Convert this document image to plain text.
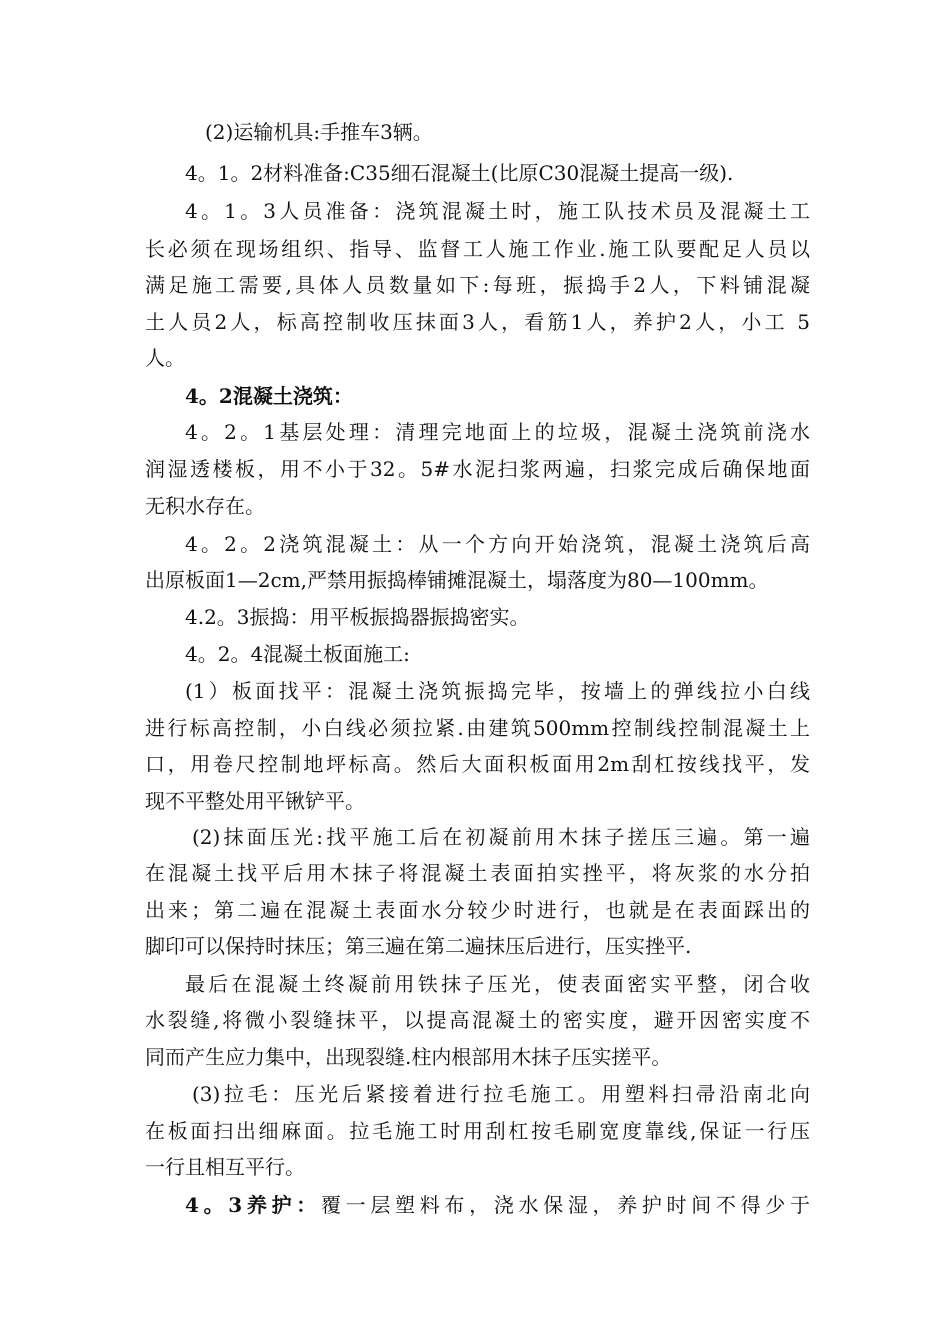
(2)运输机具:手推车3辆。
4。1。2材料准备:C35细石混凝土(比原C30混凝土提高一级).
4。1。3人员准备：浇筑混凝土时，施工队技术员及混凝土工
长必须在现场组织、指导、监督工人施工作业.施工队要配足人员以
满足施工需要,具体人员数量如下:每班，振捣手2人，下料铺混凝
土人员2人，标高控制收压抹面3人，看筋1人，养护2人，小工 5
人。
4。2混凝土浇筑：
4。2。1基层处理：清理完地面上的垃圾，混凝土浇筑前浇水
润湿透楼板，用不小于32。5#水泥扫浆两遍，扫浆完成后确保地面
无积水存在。
4。2。2浇筑混凝土：从一个方向开始浇筑，混凝土浇筑后高
出原板面1—2cm,严禁用振捣棒铺摊混凝土，塌落度为80—100mm。
4.2。3振捣：用平板振捣器振捣密实。
4。2。4混凝土板面施工:
(1）板面找平：混凝土浇筑振捣完毕，按墙上的弹线拉小白线
进行标高控制，小白线必须拉紧.由建筑500mm控制线控制混凝土上
口，用卷尺控制地坪标高。然后大面积板面用2m刮杠按线找平，发
现不平整处用平锹铲平。
(2)抹面压光:找平施工后在初凝前用木抹子搓压三遍。第一遍
在混凝土找平后用木抹子将混凝土表面拍实挫平，将灰浆的水分拍
出来；第二遍在混凝土表面水分较少时进行，也就是在表面踩出的
脚印可以保持时抹压；第三遍在第二遍抹压后进行，压实挫平.
最后在混凝土终凝前用铁抹子压光，使表面密实平整，闭合收
水裂缝,将微小裂缝抹平，以提高混凝土的密实度，避开因密实度不
同而产生应力集中，出现裂缝.柱内根部用木抹子压实搓平。
(3)拉毛：压光后紧接着进行拉毛施工。用塑料扫帚沿南北向
在板面扫出细麻面。拉毛施工时用刮杠按毛刷宽度靠线,保证一行压
一行且相互平行。
4。3养护：覆一层塑料布，浇水保湿，养护时间不得少于
